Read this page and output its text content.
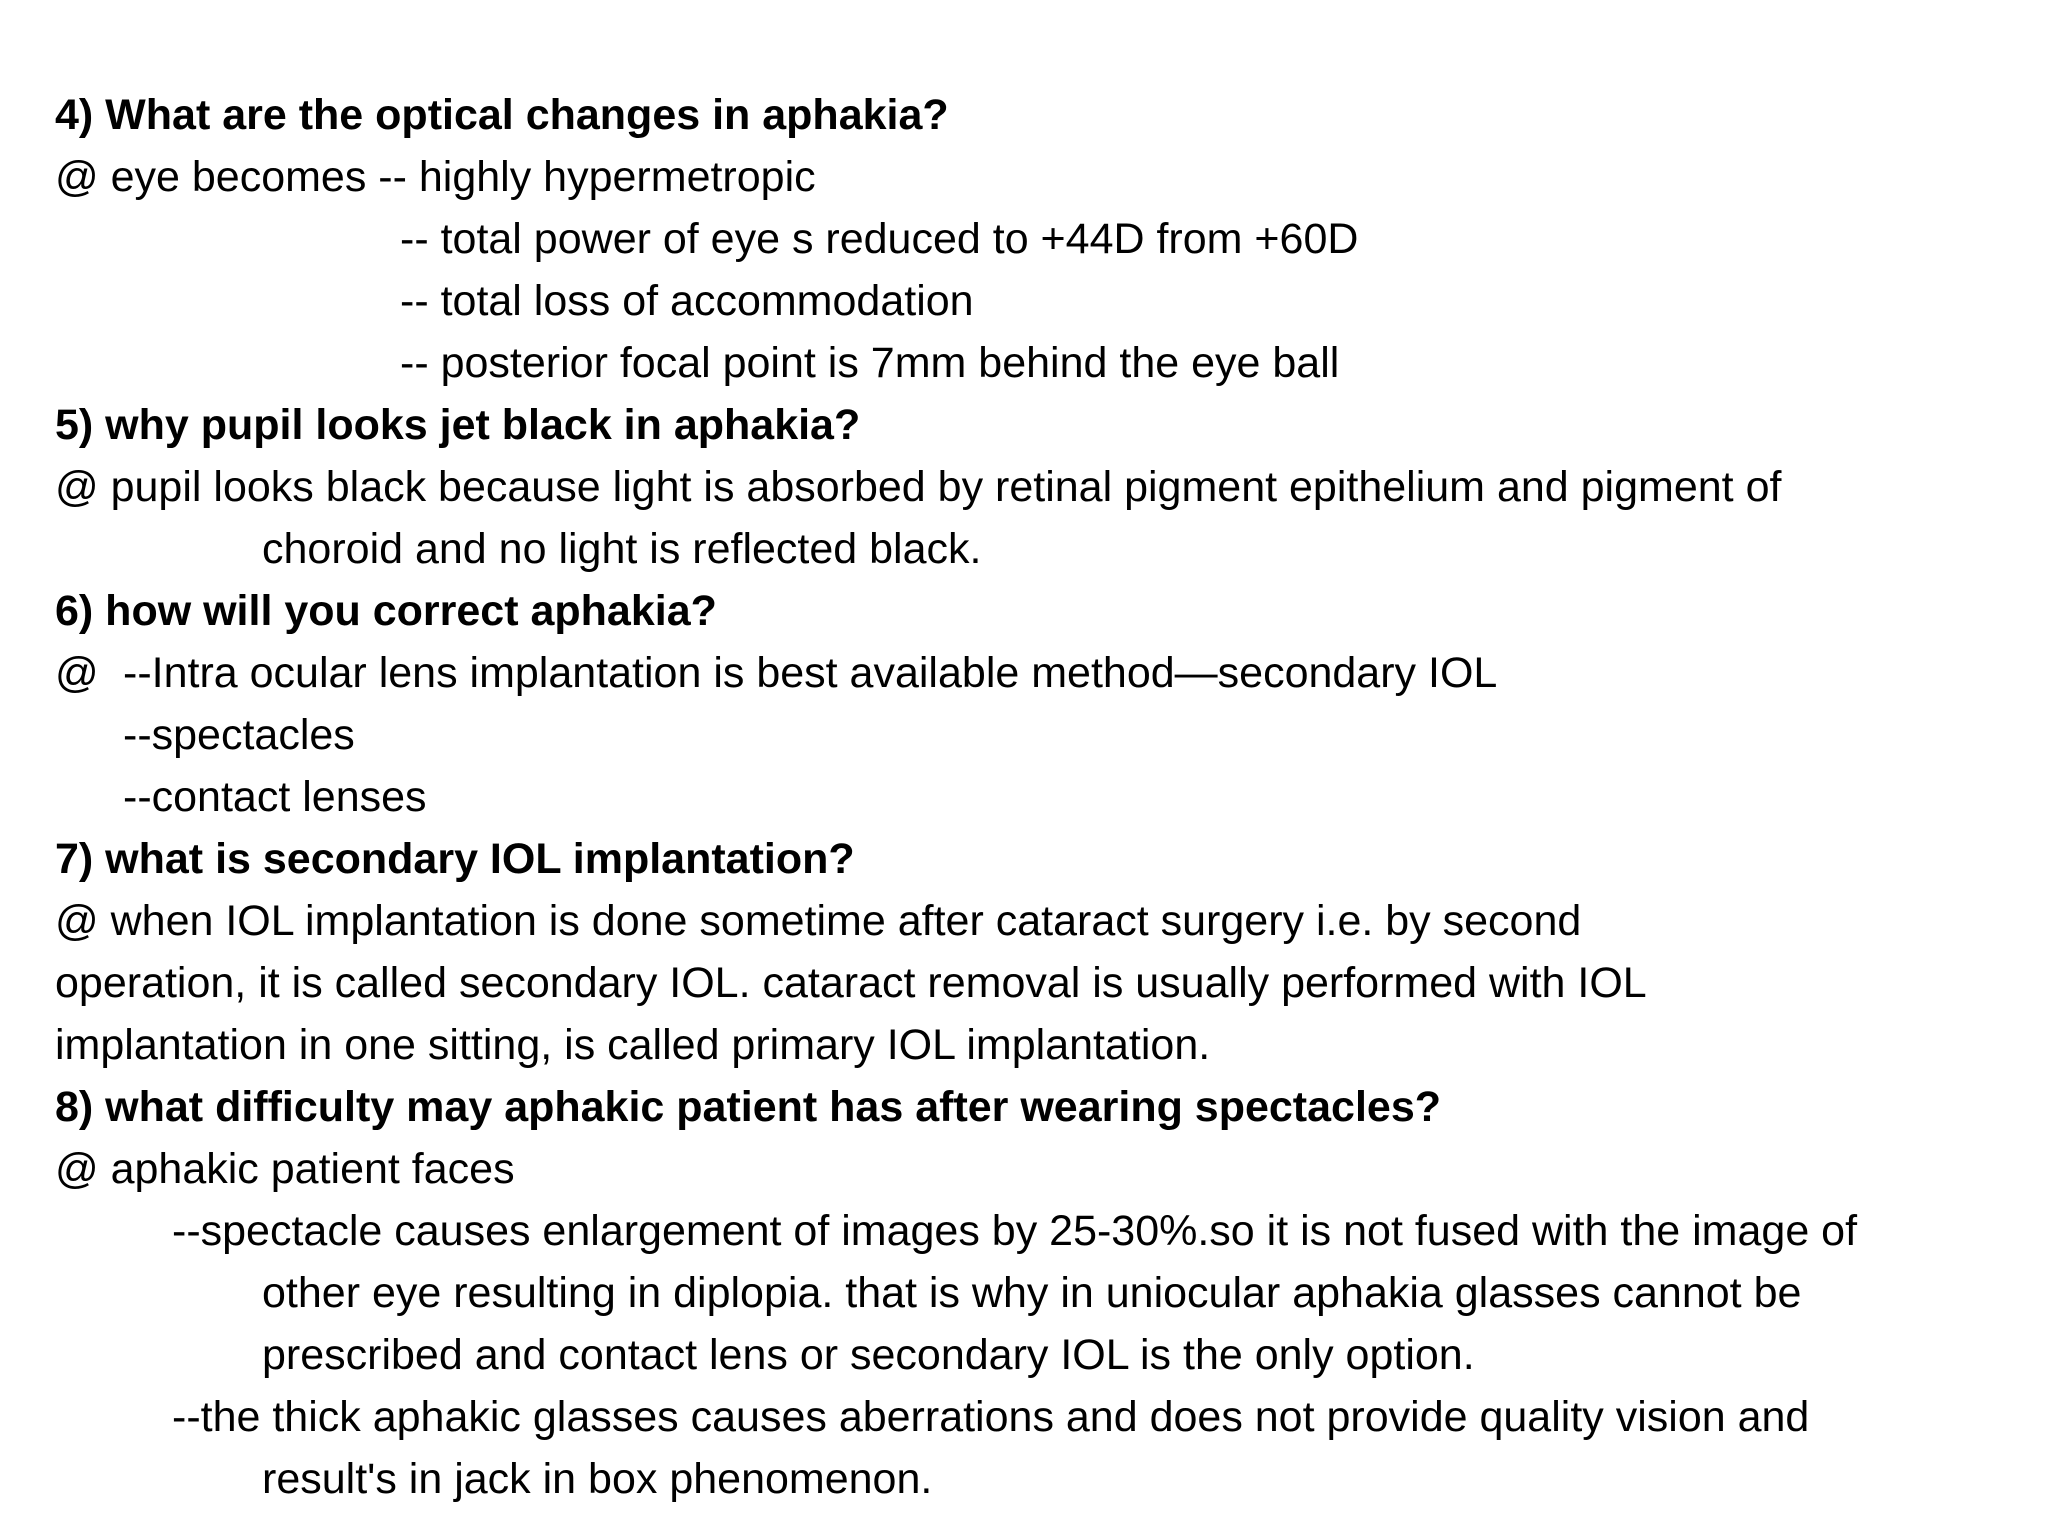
4) What are the optical changes in aphakia?
@ eye becomes -- highly hypermetropic
-- total power of eye s reduced to +44D from +60D
-- total loss of accommodation
-- posterior focal point is 7mm behind the eye ball
5) why pupil looks jet black in aphakia?
@ pupil looks black because light is absorbed by retinal pigment epithelium and pigment of
choroid and no light is reflected black.
6) how will you correct aphakia?
@ --Intra ocular lens implantation is best available method—secondary IOL
--spectacles
--contact lenses
7) what is secondary IOL implantation?
@ when IOL implantation is done sometime after cataract surgery i.e. by second
operation, it is called secondary IOL. cataract removal is usually performed with IOL
implantation in one sitting, is called primary IOL implantation.
8) what difficulty may aphakic patient has after wearing spectacles?
@ aphakic patient faces
--spectacle causes enlargement of images by 25-30%.so it is not fused with the image of
other eye resulting in diplopia. that is why in uniocular aphakia glasses cannot be
prescribed and contact lens or secondary IOL is the only option.
--the thick aphakic glasses causes aberrations and does not provide quality vision and
result's in jack in box phenomenon.
